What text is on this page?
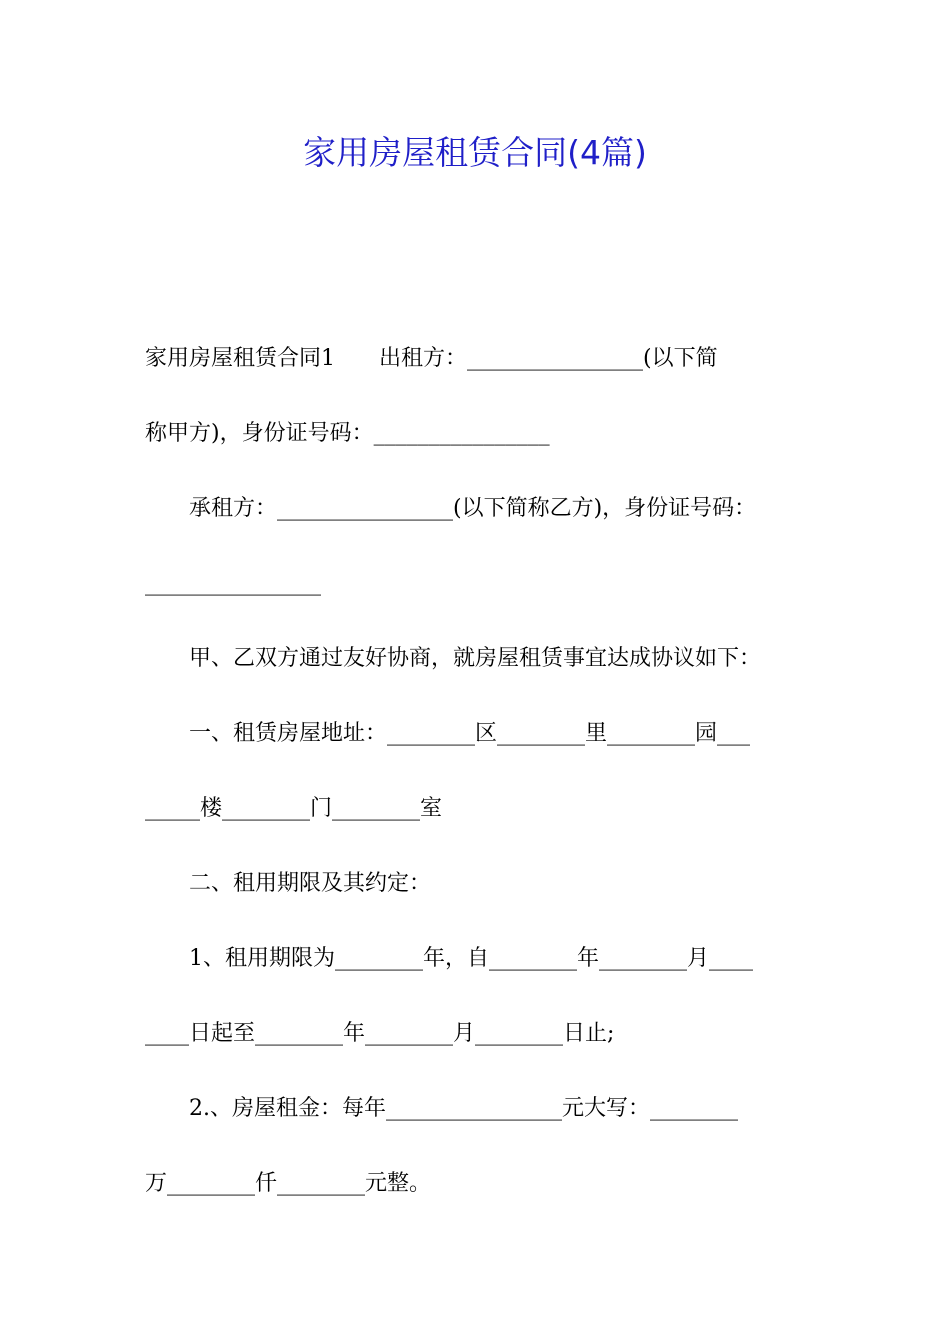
家用房屋租赁合同(4篇)
家用房屋租赁合同1　　出租方：________________(以下简
称甲方)，身份证号码：________________
　　承租方：________________(以下简称乙方)，身份证号码：
________________
　　甲、乙双方通过友好协商，就房屋租赁事宜达成协议如下：
　　一、租赁房屋地址：________区________里________园___
_____楼________门________室
　　二、租用期限及其约定：
　　1、租用期限为________年，自________年________月____
____日起至________年________月________日止;
　　2.、房屋租金：每年________________元大写：________
万________仟________元整。
